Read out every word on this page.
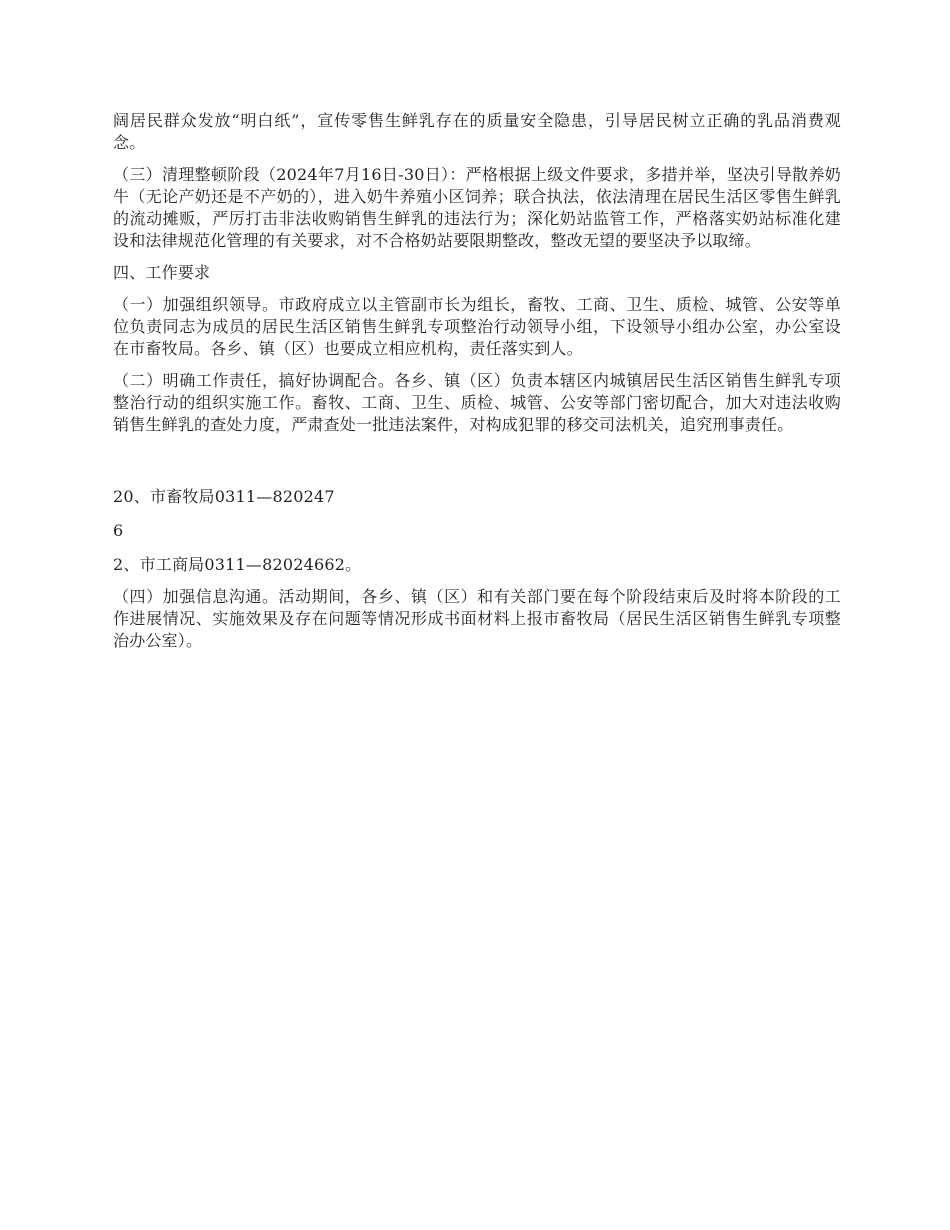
阔居民群众发放“明白纸”，宣传零售生鲜乳存在的质量安全隐患，引导居民树立正确的乳品消费观念。

（三）清理整顿阶段（2024年7月16日-30日）：严格根据上级文件要求，多措并举，坚决引导散养奶牛（无论产奶还是不产奶的），进入奶牛养殖小区饲养；联合执法，依法清理在居民生活区零售生鲜乳的流动摊贩，严厉打击非法收购销售生鲜乳的违法行为；深化奶站监管工作，严格落实奶站标准化建设和法律规范化管理的有关要求，对不合格奶站要限期整改，整改无望的要坚决予以取缔。

四、工作要求

（一）加强组织领导。市政府成立以主管副市长为组长，畜牧、工商、卫生、质检、城管、公安等单位负责同志为成员的居民生活区销售生鲜乳专项整治行动领导小组，下设领导小组办公室，办公室设在市畜牧局。各乡、镇（区）也要成立相应机构，责任落实到人。

（二）明确工作责任，搞好协调配合。各乡、镇（区）负责本辖区内城镇居民生活区销售生鲜乳专项整治行动的组织实施工作。畜牧、工商、卫生、质检、城管、公安等部门密切配合，加大对违法收购销售生鲜乳的查处力度，严肃查处一批违法案件，对构成犯罪的移交司法机关，追究刑事责任。

20、市畜牧局0311—820247

6

2、市工商局0311—82024662。

（四）加强信息沟通。活动期间，各乡、镇（区）和有关部门要在每个阶段结束后及时将本阶段的工作进展情况、实施效果及存在问题等情况形成书面材料上报市畜牧局（居民生活区销售生鲜乳专项整治办公室）。
